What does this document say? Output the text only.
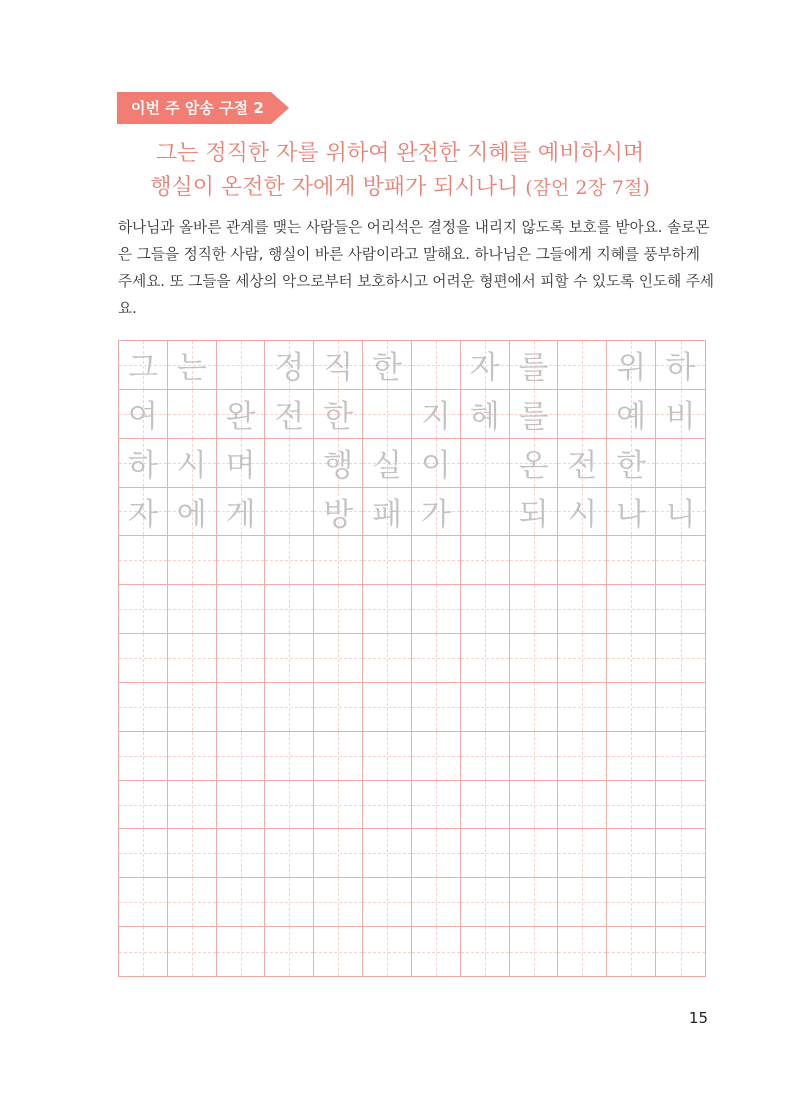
이번 주 암송 구절 2
그는 정직한 자를 위하여 완전한 지혜를 예비하시며
행실이 온전한 자에게 방패가 되시나니 (잠언 2장 7절)

하나님과 올바른 관계를 맺는 사람들은 어리석은 결정을 내리지 않도록 보호를 받아요. 솔로몬은 그들을 정직한 사람, 행실이 바른 사람이라고 말해요. 하나님은 그들에게 지혜를 풍부하게 주세요. 또 그들을 세상의 악으로부터 보호하시고 어려운 형편에서 피할 수 있도록 인도해 주세요.

그 는 정 직 한 자 를 위 하
여 완 전 한 지 혜 를 예 비
하 시 며 행 실 이 온 전 한
자 에 게 방 패 가 되 시 나 니
15
